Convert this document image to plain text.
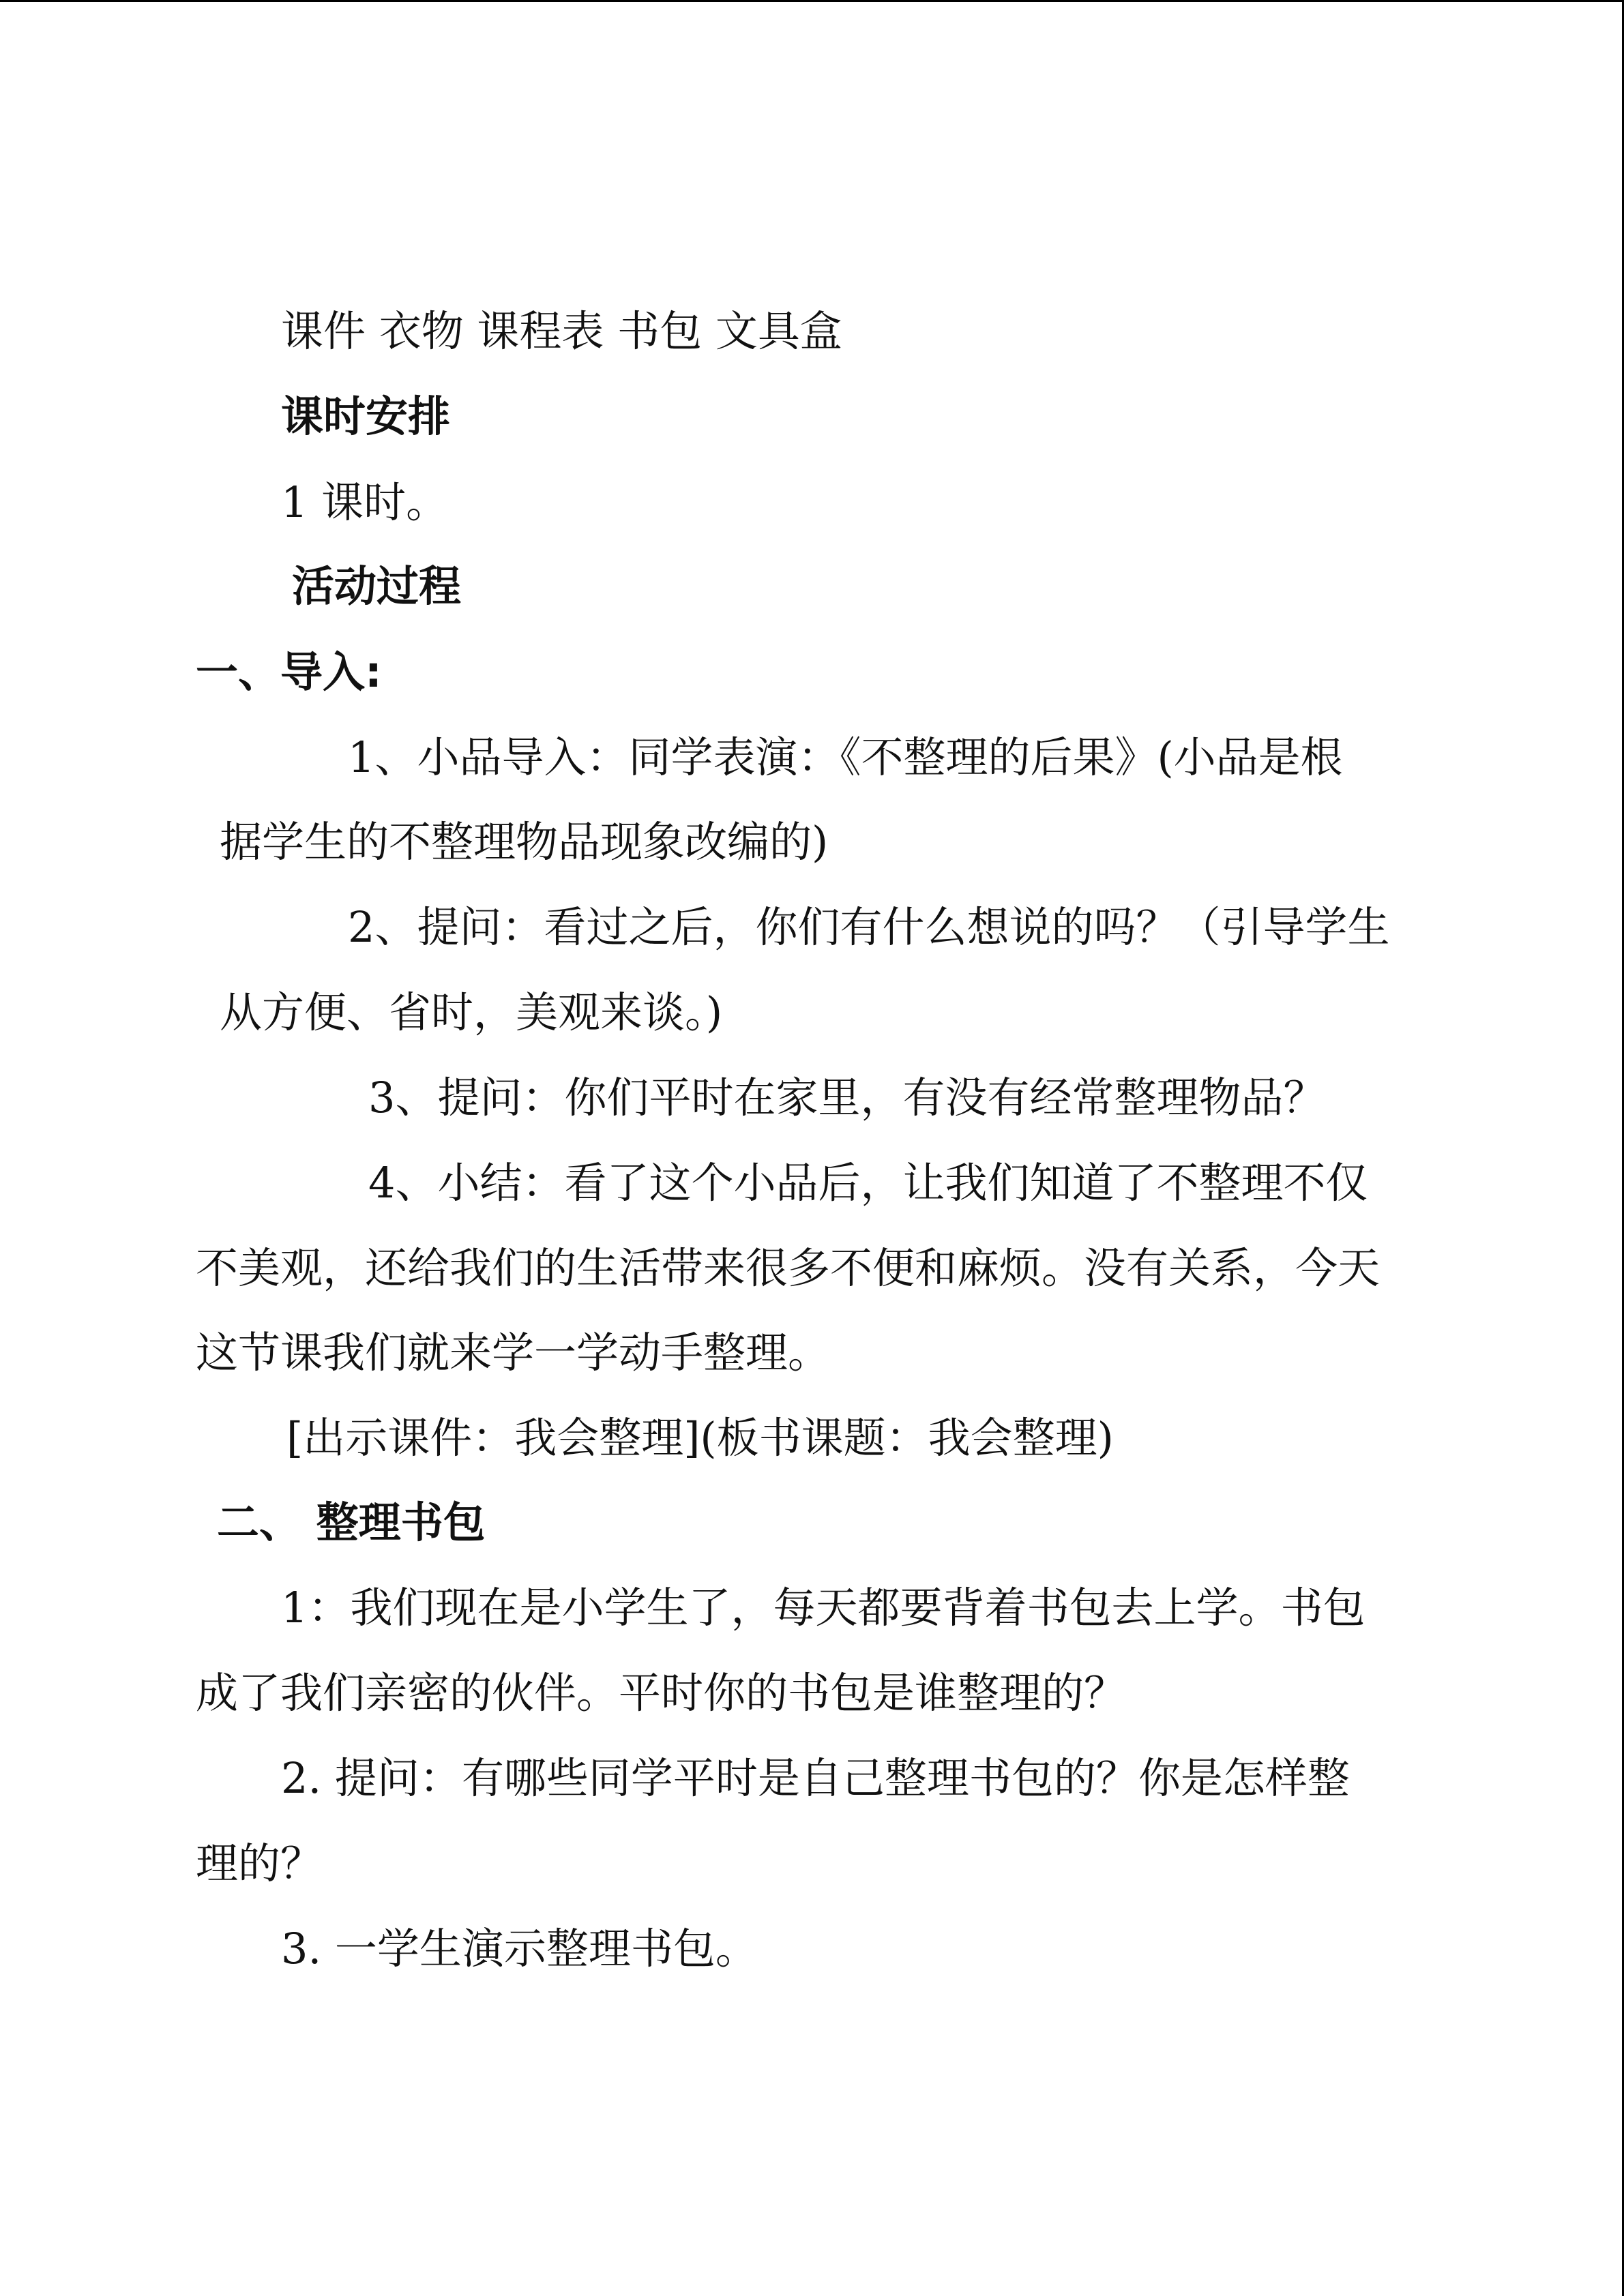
课件 衣物 课程表 书包 文具盒
课时安排
1 课时。
活动过程
一、导入:
1、小品导入：同学表演：《不整理的后果》(小品是根
据学生的不整理物品现象改编的)
2、提问：看过之后，你们有什么想说的吗？（引导学生
从方便、省时，美观来谈。)
3、提问：你们平时在家里，有没有经常整理物品？
4、小结：看了这个小品后，让我们知道了不整理不仅
不美观，还给我们的生活带来很多不便和麻烦。没有关系，今天
这节课我们就来学一学动手整理。
[出示课件：我会整理](板书课题：我会整理)
二、 整理书包
1：我们现在是小学生了，每天都要背着书包去上学。书包
成了我们亲密的伙伴。平时你的书包是谁整理的？
2. 提问：有哪些同学平时是自己整理书包的？你是怎样整
理的？
3. 一学生演示整理书包。
